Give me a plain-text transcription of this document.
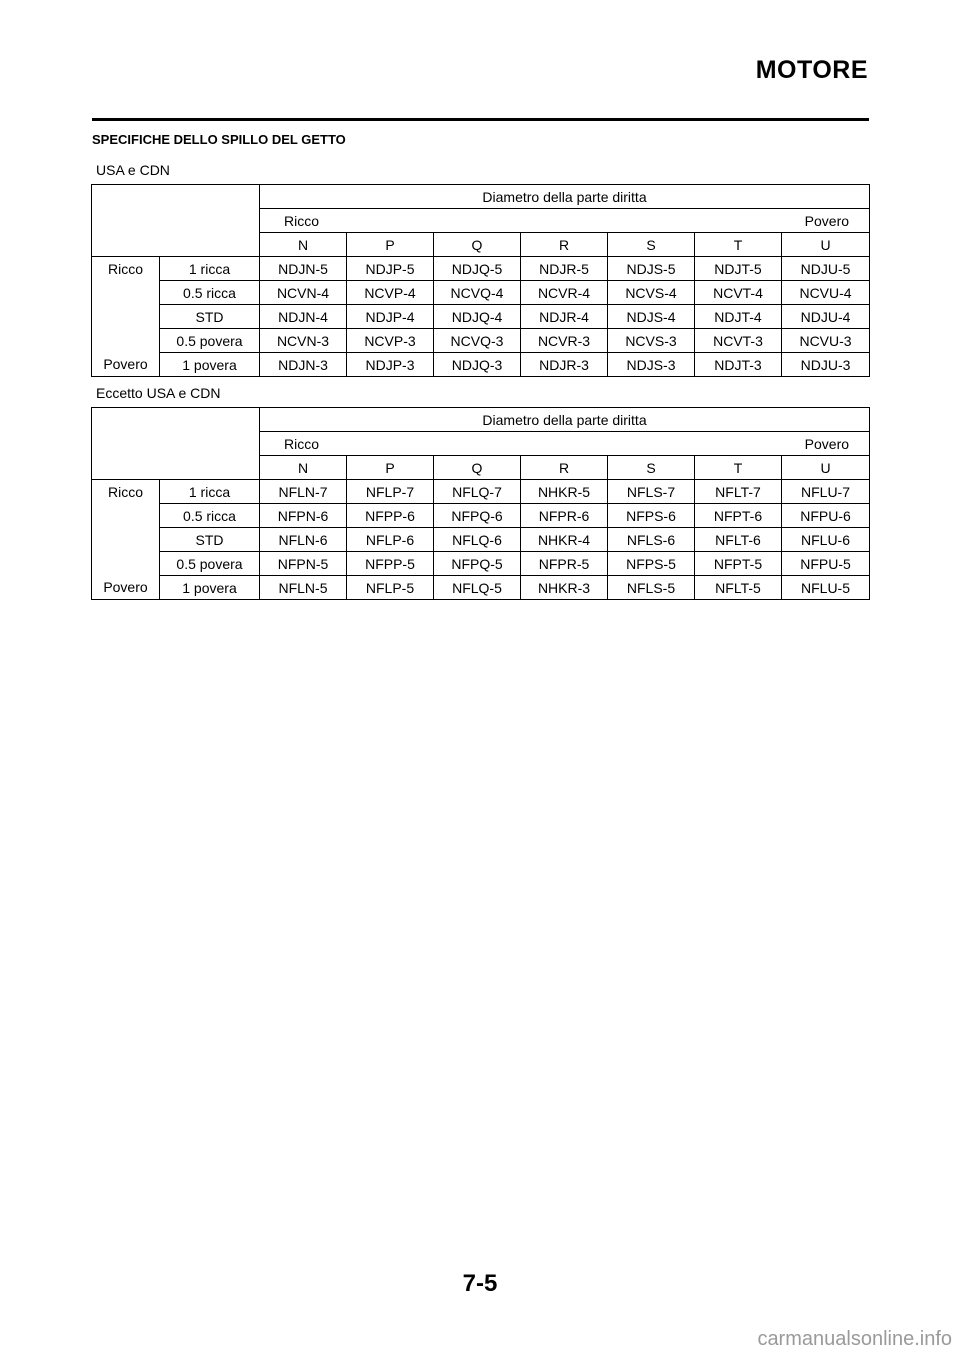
MOTORE
SPECIFICHE DELLO SPILLO DEL GETTO
USA e CDN
		Diametro della parte diritta						

		Ricco Povero						

		N	P	Q	R	S	T	U
Ricco	1 ricca	NDJN-5	NDJP-5	NDJQ-5	NDJR-5	NDJS-5	NDJT-5	NDJU-5
	0.5 ricca	NCVN-4	NCVP-4	NCVQ-4	NCVR-4	NCVS-4	NCVT-4	NCVU-4
	STD	NDJN-4	NDJP-4	NDJQ-4	NDJR-4	NDJS-4	NDJT-4	NDJU-4
	0.5 povera	NCVN-3	NCVP-3	NCVQ-3	NCVR-3	NCVS-3	NCVT-3	NCVU-3
Povero	1 povera	NDJN-3	NDJP-3	NDJQ-3	NDJR-3	NDJS-3	NDJT-3	NDJU-3
Eccetto USA e CDN
		Diametro della parte diritta						

		Ricco Povero						

		N	P	Q	R	S	T	U
Ricco	1 ricca	NFLN-7	NFLP-7	NFLQ-7	NHKR-5	NFLS-7	NFLT-7	NFLU-7
	0.5 ricca	NFPN-6	NFPP-6	NFPQ-6	NFPR-6	NFPS-6	NFPT-6	NFPU-6
	STD	NFLN-6	NFLP-6	NFLQ-6	NHKR-4	NFLS-6	NFLT-6	NFLU-6
	0.5 povera	NFPN-5	NFPP-5	NFPQ-5	NFPR-5	NFPS-5	NFPT-5	NFPU-5
Povero	1 povera	NFLN-5	NFLP-5	NFLQ-5	NHKR-3	NFLS-5	NFLT-5	NFLU-5
7-5
carmanualsonline.info
